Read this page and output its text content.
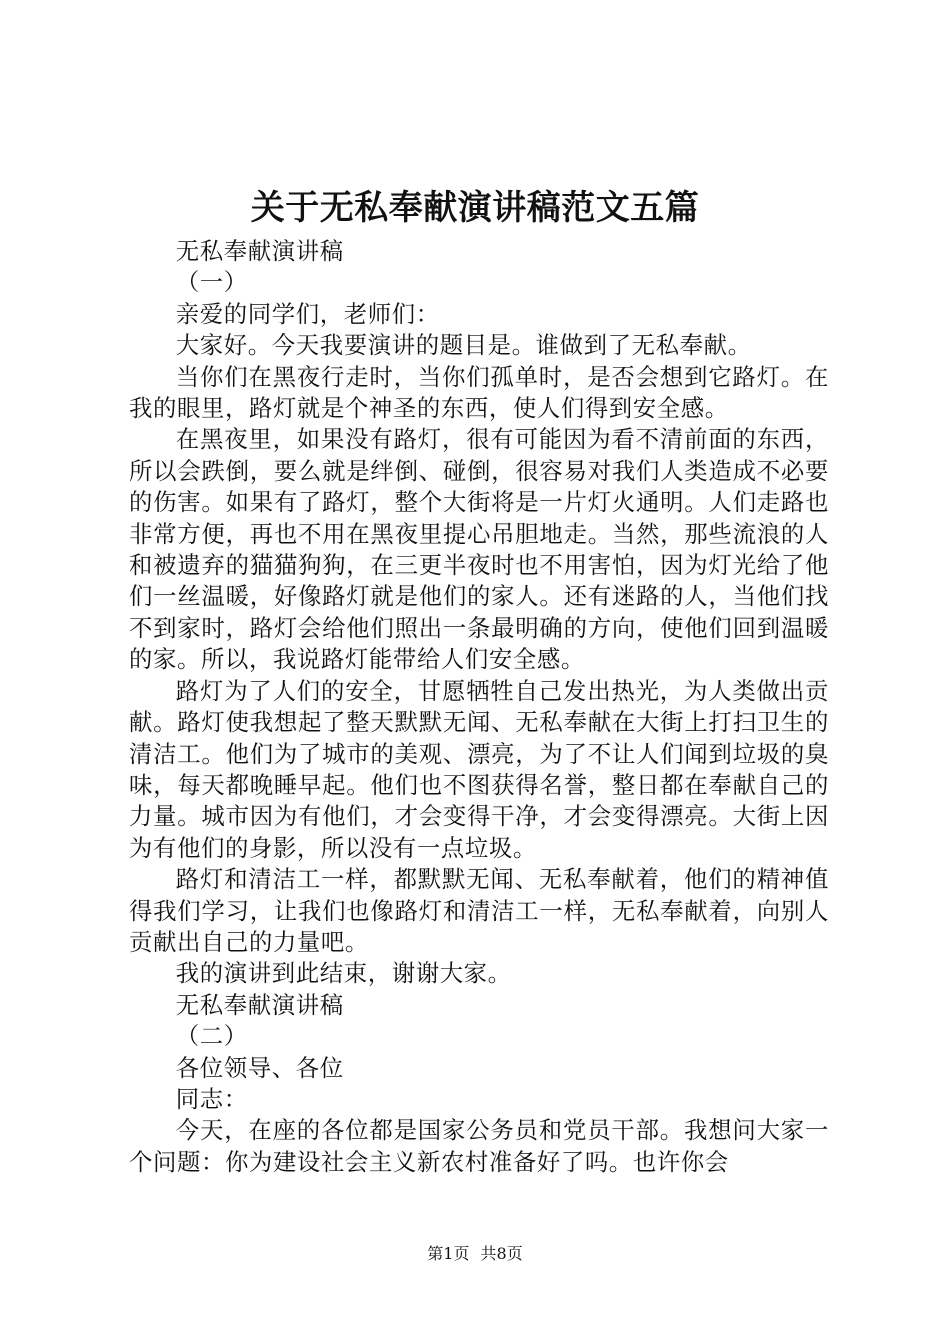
关于无私奉献演讲稿范文五篇

无私奉献演讲稿

（一）

亲爱的同学们，老师们：

大家好。今天我要演讲的题目是。谁做到了无私奉献。

当你们在黑夜行走时，当你们孤单时，是否会想到它路灯。在我的眼里，路灯就是个神圣的东西，使人们得到安全感。

在黑夜里，如果没有路灯，很有可能因为看不清前面的东西，所以会跌倒，要么就是绊倒、碰倒，很容易对我们人类造成不必要的伤害。如果有了路灯，整个大街将是一片灯火通明。人们走路也非常方便，再也不用在黑夜里提心吊胆地走。当然，那些流浪的人和被遗弃的猫猫狗狗，在三更半夜时也不用害怕，因为灯光给了他们一丝温暖，好像路灯就是他们的家人。还有迷路的人，当他们找不到家时，路灯会给他们照出一条最明确的方向，使他们回到温暖的家。所以，我说路灯能带给人们安全感。

路灯为了人们的安全，甘愿牺牲自己发出热光，为人类做出贡献。路灯使我想起了整天默默无闻、无私奉献在大街上打扫卫生的清洁工。他们为了城市的美观、漂亮，为了不让人们闻到垃圾的臭味，每天都晚睡早起。他们也不图获得名誉，整日都在奉献自己的力量。城市因为有他们，才会变得干净，才会变得漂亮。大街上因为有他们的身影，所以没有一点垃圾。

路灯和清洁工一样，都默默无闻、无私奉献着，他们的精神值得我们学习，让我们也像路灯和清洁工一样，无私奉献着，向别人贡献出自己的力量吧。

我的演讲到此结束，谢谢大家。

无私奉献演讲稿

（二）

各位领导、各位

同志：

今天，在座的各位都是国家公务员和党员干部。我想问大家一个问题：你为建设社会主义新农村准备好了吗。也许你会

第1页 共8页
